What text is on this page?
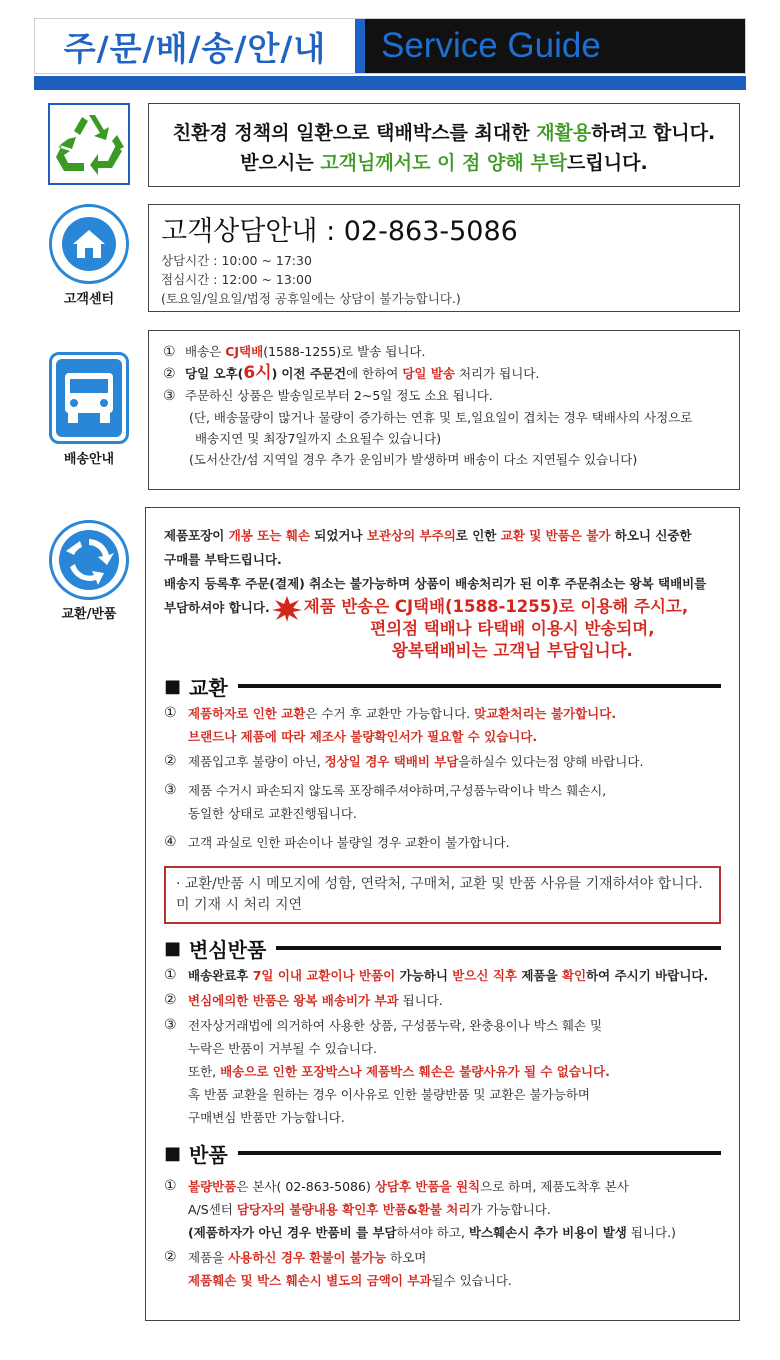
주/문/배/송/안/내	Service Guide
친환경 정책의 일환으로 택배박스를 최대한 재활용하려고 합니다.
받으시는 고객님께서도 이 점 양해 부탁드립니다.
고객센터
고객상담안내 : 02-863-5086
상담시간 : 10:00 ~ 17:30
점심시간 : 12:00 ~ 13:00
(토요일/일요일/법정 공휴일에는 상담이 불가능합니다.)
배송안내
① 배송은 CJ택배(1588-1255)로 발송 됩니다.
② 당일 오후(6시) 이전 주문건에 한하여 당일 발송 처리가 됩니다.
③ 주문하신 상품은 발송일로부터 2~5일 정도 소요 됩니다.
(단, 배송물량이 많거나 물량이 증가하는 연휴 및 토,일요일이 겹치는 경우 택배사의 사정으로
배송지연 및 최장7일까지 소요될수 있습니다)
(도서산간/섬 지역일 경우 추가 운임비가 발생하며 배송이 다소 지연될수 있습니다)
교환/반품

제품포장이 개봉 또는 훼손 되었거나 보관상의 부주의로 인한 교환 및 반품은 불가 하오니 신중한

구매를 부탁드립니다.

배송지 등록후 주문(결제) 취소는 불가능하며 상품이 배송처리가 된 이후 주문취소는 왕복 택배비를

부담하셔야 합니다. 제품 반송은 CJ택배(1588-1255)로 이용해 주시고,
편의점 택배나 타택배 이용시 반송되며,
왕복택배비는 고객님 부담입니다.
■ 교환
① 제품하자로 인한 교환은 수거 후 교환만 가능합니다. 맞교환처리는 불가합니다.
브랜드나 제품에 따라 제조사 불량확인서가 필요할 수 있습니다.
② 제품입고후 불량이 아닌, 정상일 경우 택배비 부담을하실수 있다는점 양해 바랍니다.
③ 제품 수거시 파손되지 않도록 포장해주셔야하며,구성품누락이나 박스 훼손시,
동일한 상태로 교환진행됩니다.
④ 고객 과실로 인한 파손이나 불량일 경우 교환이 불가합니다.
· 교환/반품 시 메모지에 성함, 연락처, 구매처, 교환 및 반품 사유를 기재하셔야 합니다.
미 기재 시 처리 지연
■ 변심반품
① 배송완료후 7일 이내 교환이나 반품이 가능하니 받으신 직후 제품을 확인하여 주시기 바랍니다.
② 변심에의한 반품은 왕복 배송비가 부과 됩니다.
③ 전자상거래법에 의거하여 사용한 상품, 구성품누락, 완충용이나 박스 훼손 및
누락은 반품이 거부될 수 있습니다.
또한, 배송으로 인한 포장박스나 제품박스 훼손은 불량사유가 될 수 없습니다.
혹 반품 교환을 원하는 경우 이사유로 인한 불량반품 및 교환은 불가능하며
구매변심 반품만 가능합니다.
■ 반품
① 불량반품은 본사( 02-863-5086) 상담후 반품을 원칙으로 하며, 제품도착후 본사
A/S센터 담당자의 불량내용 확인후 반품&환불 처리가 가능합니다.
(제품하자가 아닌 경우 반품비 를 부담하셔야 하고, 박스훼손시 추가 비용이 발생 됩니다.)
② 제품을 사용하신 경우 환불이 불가능 하오며
제품훼손 및 박스 훼손시 별도의 금액이 부과될수 있습니다.
